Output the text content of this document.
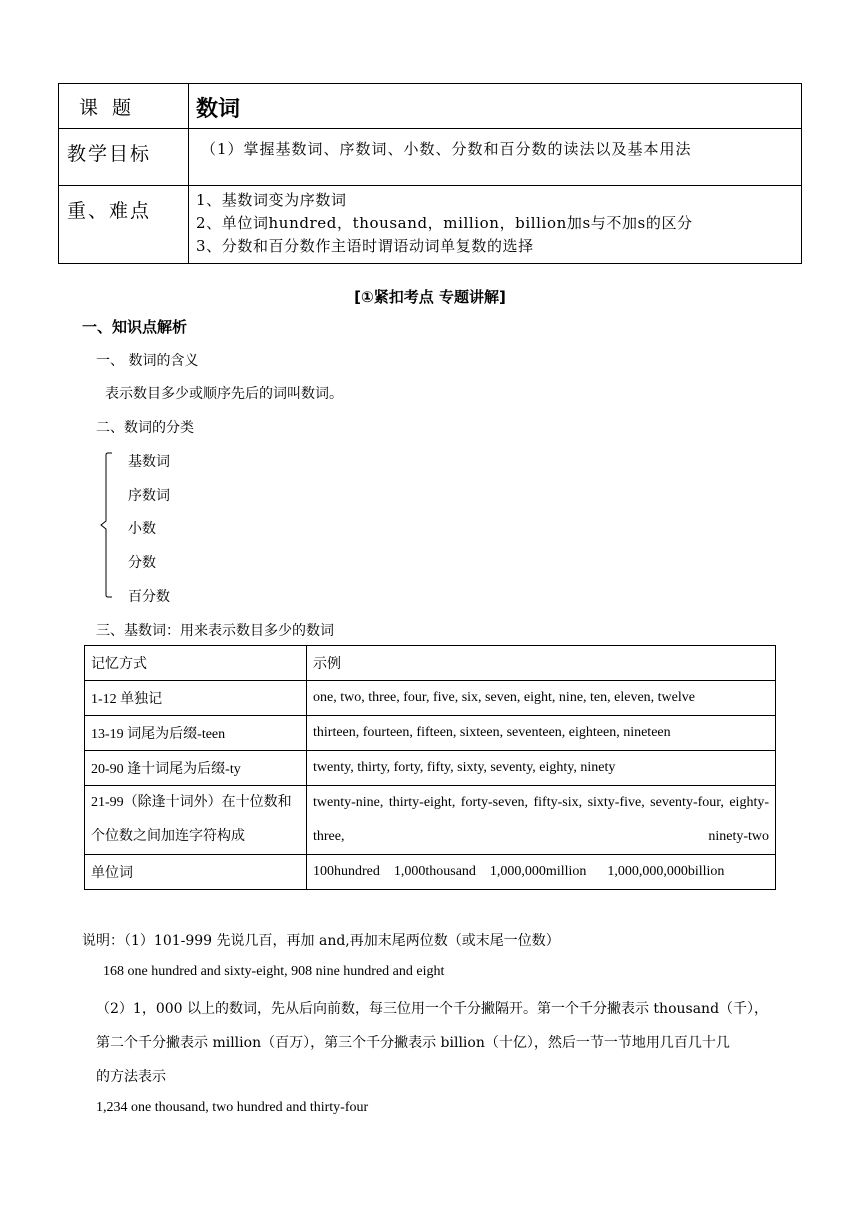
课题	数词

教学目标	（1）掌握基数词、序数词、小数、分数和百分数的读法以及基本用法

重、难点	1、基数词变为序数词
2、单位词hundred，thousand，million，billion加s与不加s的区分
3、分数和百分数作主语时谓语动词单复数的选择
[①紧扣考点 专题讲解]
一、知识点解析
一、 数词的含义
表示数目多少或顺序先后的词叫数词。
二、数词的分类
基数词
序数词
小数
分数
百分数
三、基数词：用来表示数目多少的数词
记忆方式	示例
1-12 单独记	one, two, three, four, five, six, seven, eight, nine, ten, eleven, twelve
13-19 词尾为后缀-teen	thirteen, fourteen, fifteen, sixteen, seventeen, eighteen, nineteen
20-90 逢十词尾为后缀-ty	twenty, thirty, forty, fifty, sixty, seventy, eighty, ninety
21-99（除逢十词外）在十位数和个位数之间加连字符构成	twenty-nine, thirty-eight, forty-seven, fifty-six, sixty-five, seventy-four, eighty-three, ninety-two
单位词	100hundred    1,000thousand    1,000,000million      1,000,000,000billion
说明：（1）101-999 先说几百，再加 and,再加末尾两位数（或末尾一位数）
168 one hundred and sixty-eight, 908 nine hundred and eight
（2）1，000 以上的数词，先从后向前数，每三位用一个千分撇隔开。第一个千分撇表示 thousand（千），
第二个千分撇表示 million（百万），第三个千分撇表示 billion（十亿），然后一节一节地用几百几十几
的方法表示
1,234 one thousand, two hundred and thirty-four
